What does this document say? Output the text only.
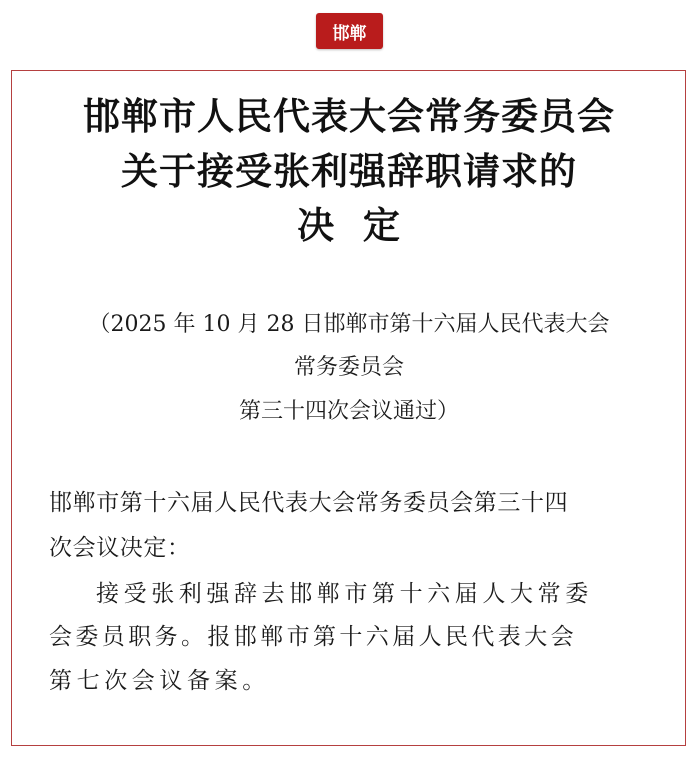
邯郸
邯郸市人民代表大会常务委员会
关于接受张利强辞职请求的
决  定
（2025 年 10 月 28 日邯郸市第十六届人民代表大会
常务委员会
第三十四次会议通过）
邯郸市第十六届人民代表大会常务委员会第三十四
次会议决定：
接受张利强辞去邯郸市第十六届人大常委
会委员职务。报邯郸市第十六届人民代表大会
第七次会议备案。
